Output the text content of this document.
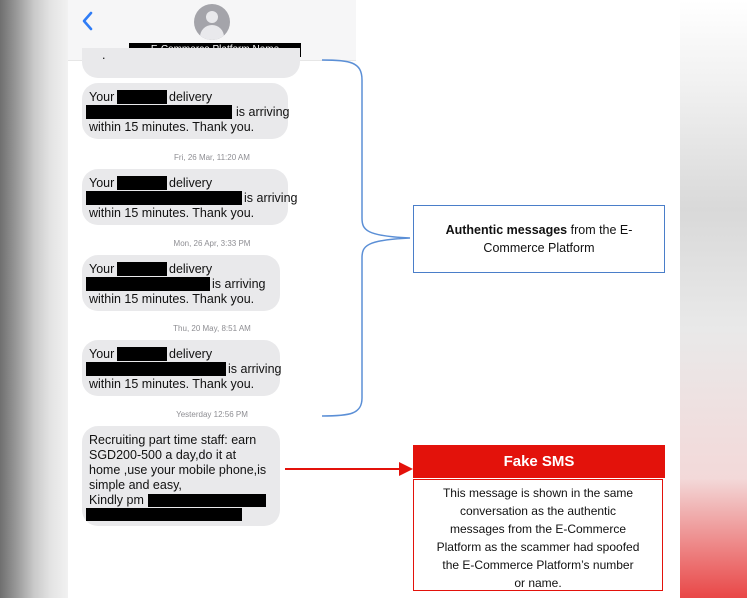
.
Your	delivery
is arriving
within 15 minutes. Thank you.
Fri, 26 Mar, 11:20 AM
Your	delivery
is arriving
within 15 minutes. Thank you.
Mon, 26 Apr, 3:33 PM
Your	delivery
is arriving
within 15 minutes. Thank you.
Thu, 20 May, 8:51 AM
Your	delivery
is arriving
within 15 minutes. Thank you.
Yesterday 12:56 PM
Recruiting part time staff: earn
SGD200-500 a day,do it at
home ,use your mobile phone,is
simple and easy,
Kindly pm
Authentic messages from the E-Commerce Platform
Fake SMS
This message is shown in the same
conversation as the authentic
messages from the E-Commerce
Platform as the scammer had spoofed
the E-Commerce Platform’s number
or name.
